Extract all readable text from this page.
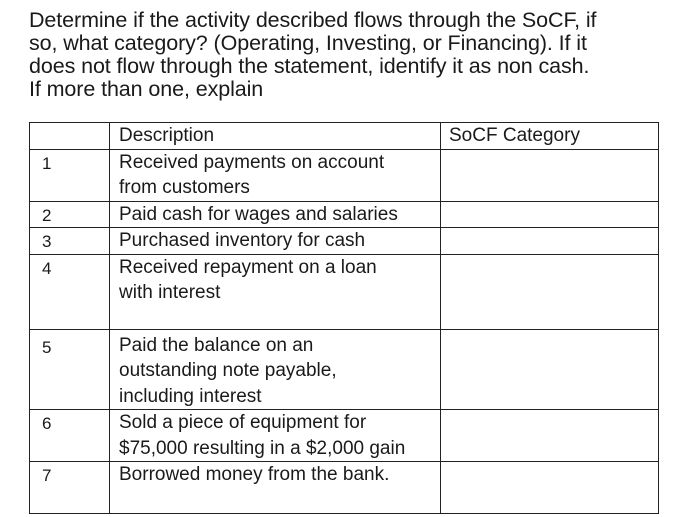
Determine if the activity described flows through the SoCF, if
so, what category? (Operating, Investing, or Financing). If it
does not flow through the statement, identify it as non cash.
If more than one, explain

	Description	SoCF Category
1	Received payments on account
from customers	

2	Paid cash for wages and salaries	

3	Purchased inventory for cash	

4	Received repayment on a loan
with interest	

5	Paid the balance on an
outstanding note payable,
including interest	

6	Sold a piece of equipment for
$75,000 resulting in a $2,000 gain	

7	Borrowed money from the bank.	
